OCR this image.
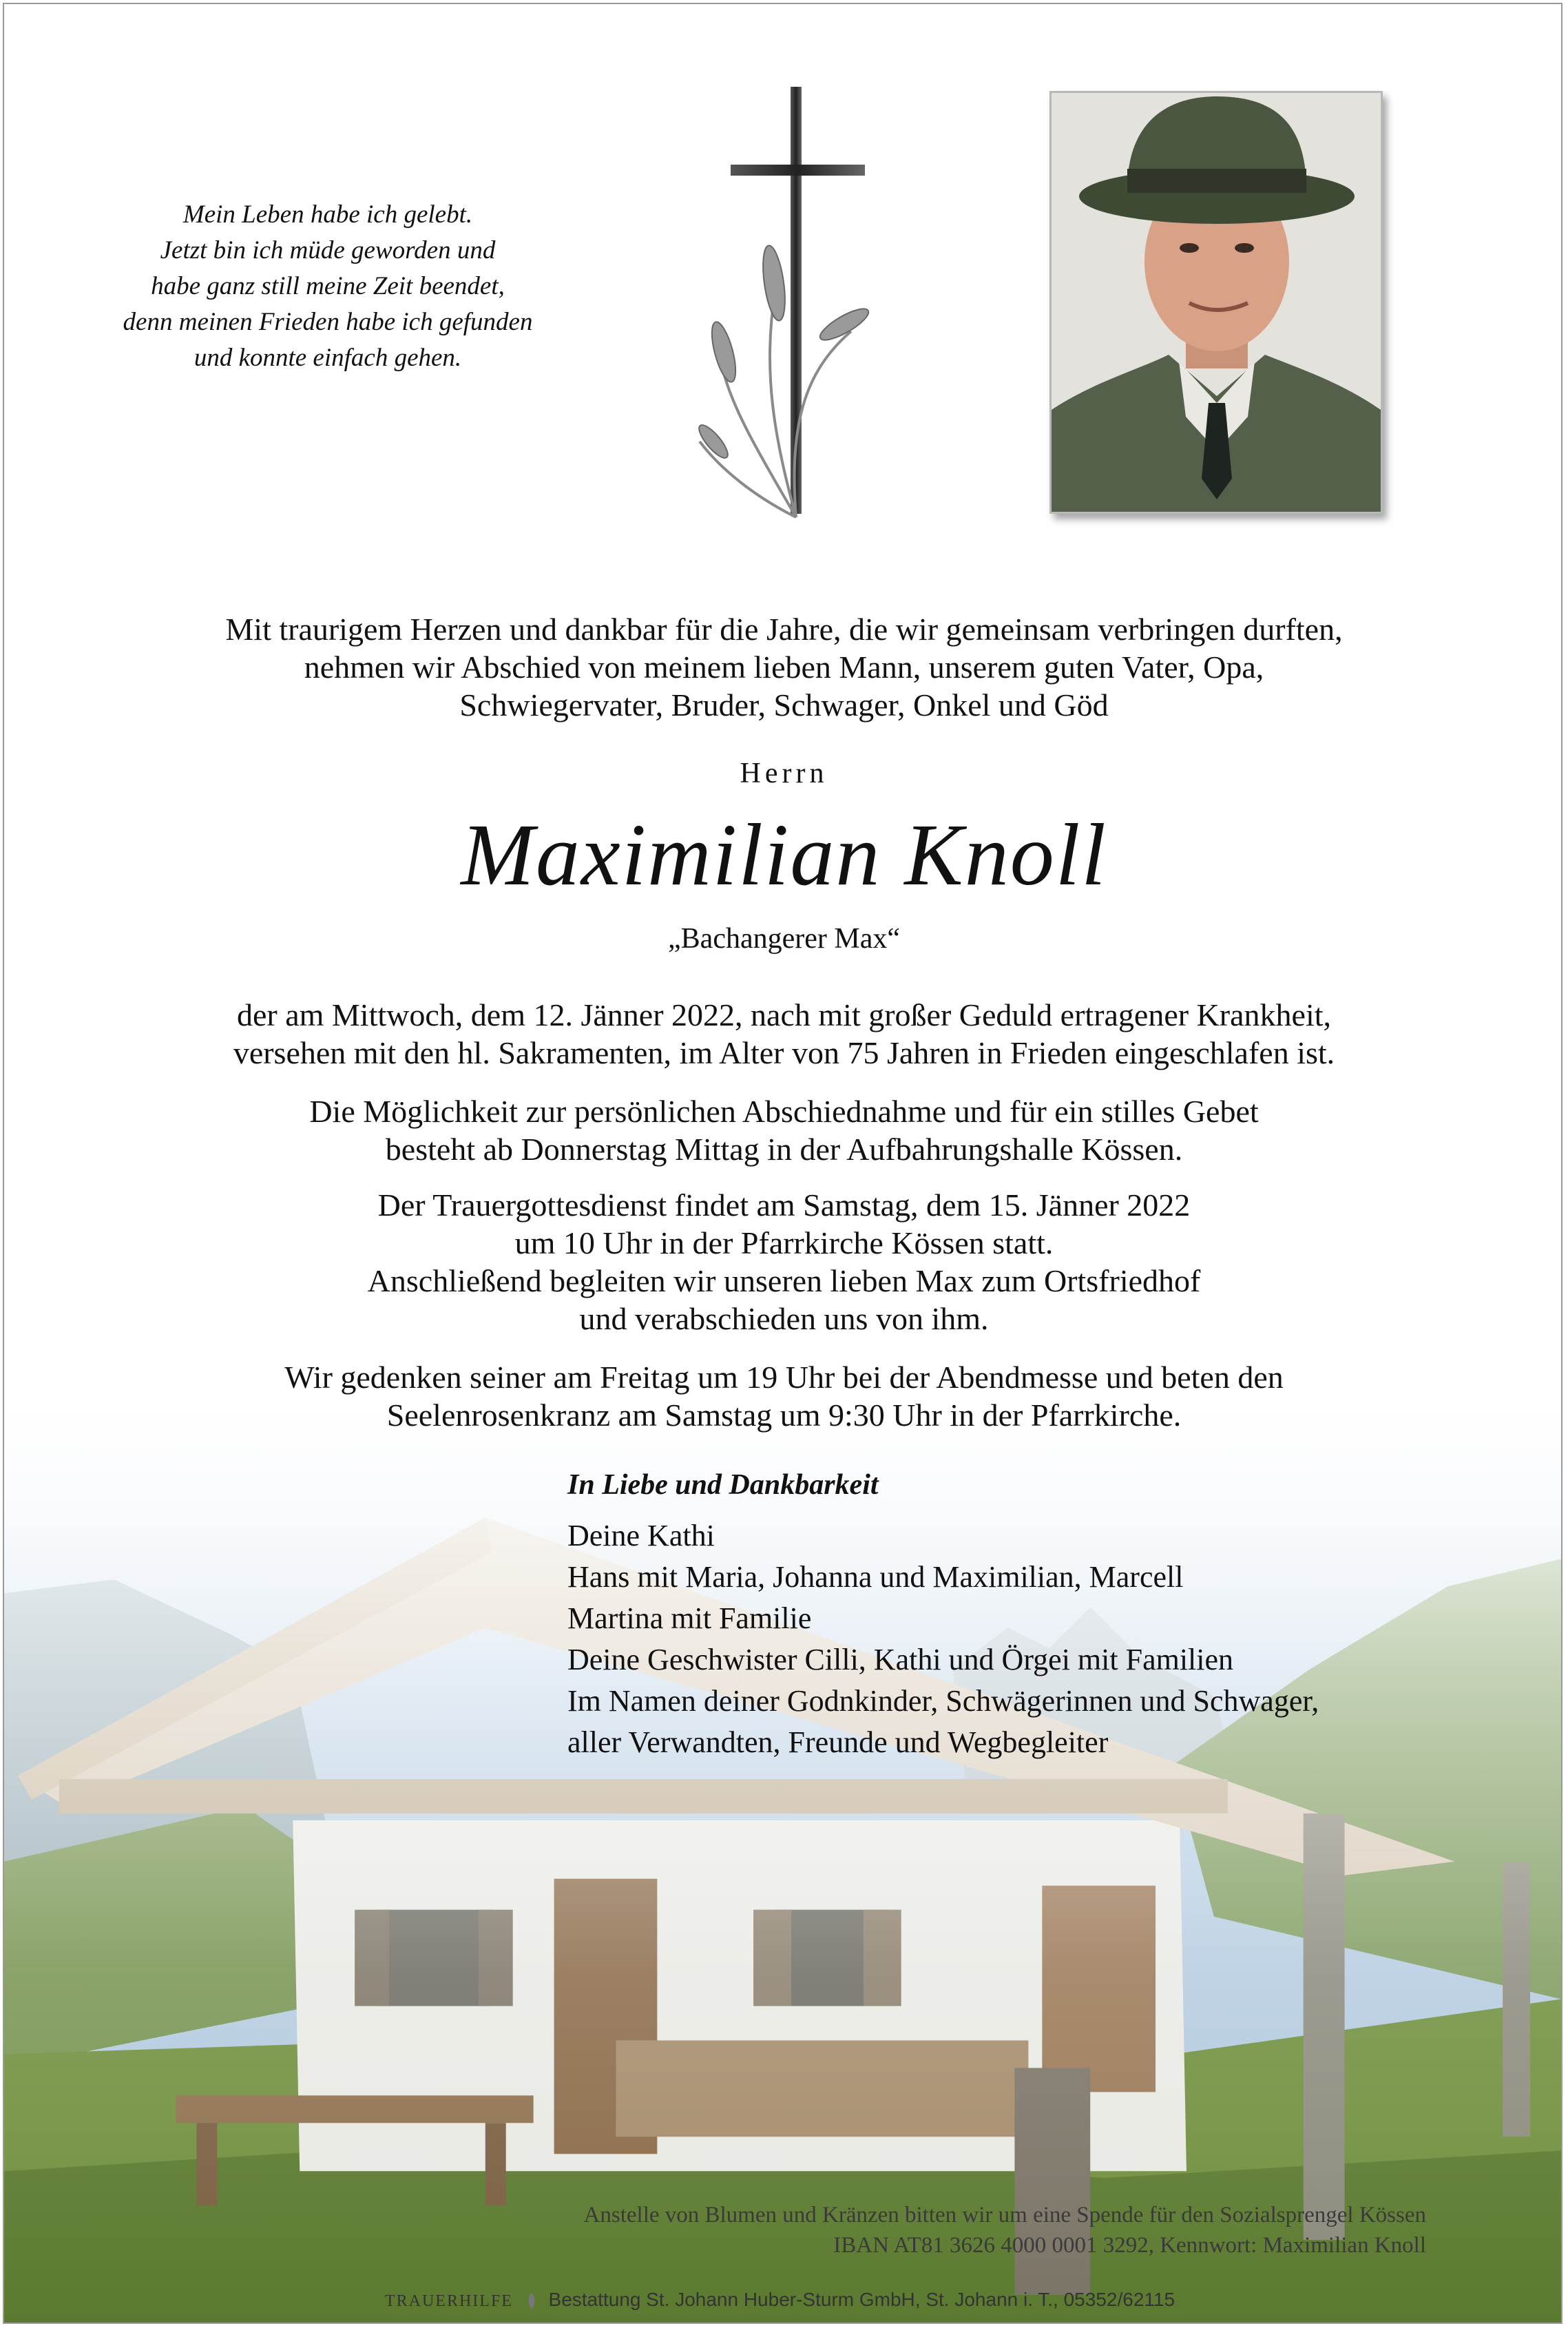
Mein Leben habe ich gelebt.
Jetzt bin ich müde geworden und
habe ganz still meine Zeit beendet,
denn meinen Frieden habe ich gefunden
und konnte einfach gehen.
Mit traurigem Herzen und dankbar für die Jahre, die wir gemeinsam verbringen durften,
nehmen wir Abschied von meinem lieben Mann, unserem guten Vater, Opa,
Schwiegervater, Bruder, Schwager, Onkel und Göd
Herrn
Maximilian Knoll
„Bachangerer Max“
der am Mittwoch, dem 12. Jänner 2022, nach mit großer Geduld ertragener Krankheit,
versehen mit den hl. Sakramenten, im Alter von 75 Jahren in Frieden eingeschlafen ist.
Die Möglichkeit zur persönlichen Abschiednahme und für ein stilles Gebet
besteht ab Donnerstag Mittag in der Aufbahrungshalle Kössen.
Der Trauergottesdienst findet am Samstag, dem 15. Jänner 2022
um 10 Uhr in der Pfarrkirche Kössen statt.
Anschließend begleiten wir unseren lieben Max zum Ortsfriedhof
und verabschieden uns von ihm.
Wir gedenken seiner am Freitag um 19 Uhr bei der Abendmesse und beten den
Seelenrosenkranz am Samstag um 9:30 Uhr in der Pfarrkirche.
In Liebe und Dankbarkeit
Deine Kathi
Hans mit Maria, Johanna und Maximilian, Marcell
Martina mit Familie
Deine Geschwister Cilli, Kathi und Örgei mit Familien
Im Namen deiner Godnkinder, Schwägerinnen und Schwager,
aller Verwandten, Freunde und Wegbegleiter
Anstelle von Blumen und Kränzen bitten wir um eine Spende für den Sozialsprengel Kössen
IBAN AT81 3626 4000 0001 3292, Kennwort: Maximilian Knoll
TRAUERHILFE Bestattung St. Johann Huber-Sturm GmbH, St. Johann i. T., 05352/62115
